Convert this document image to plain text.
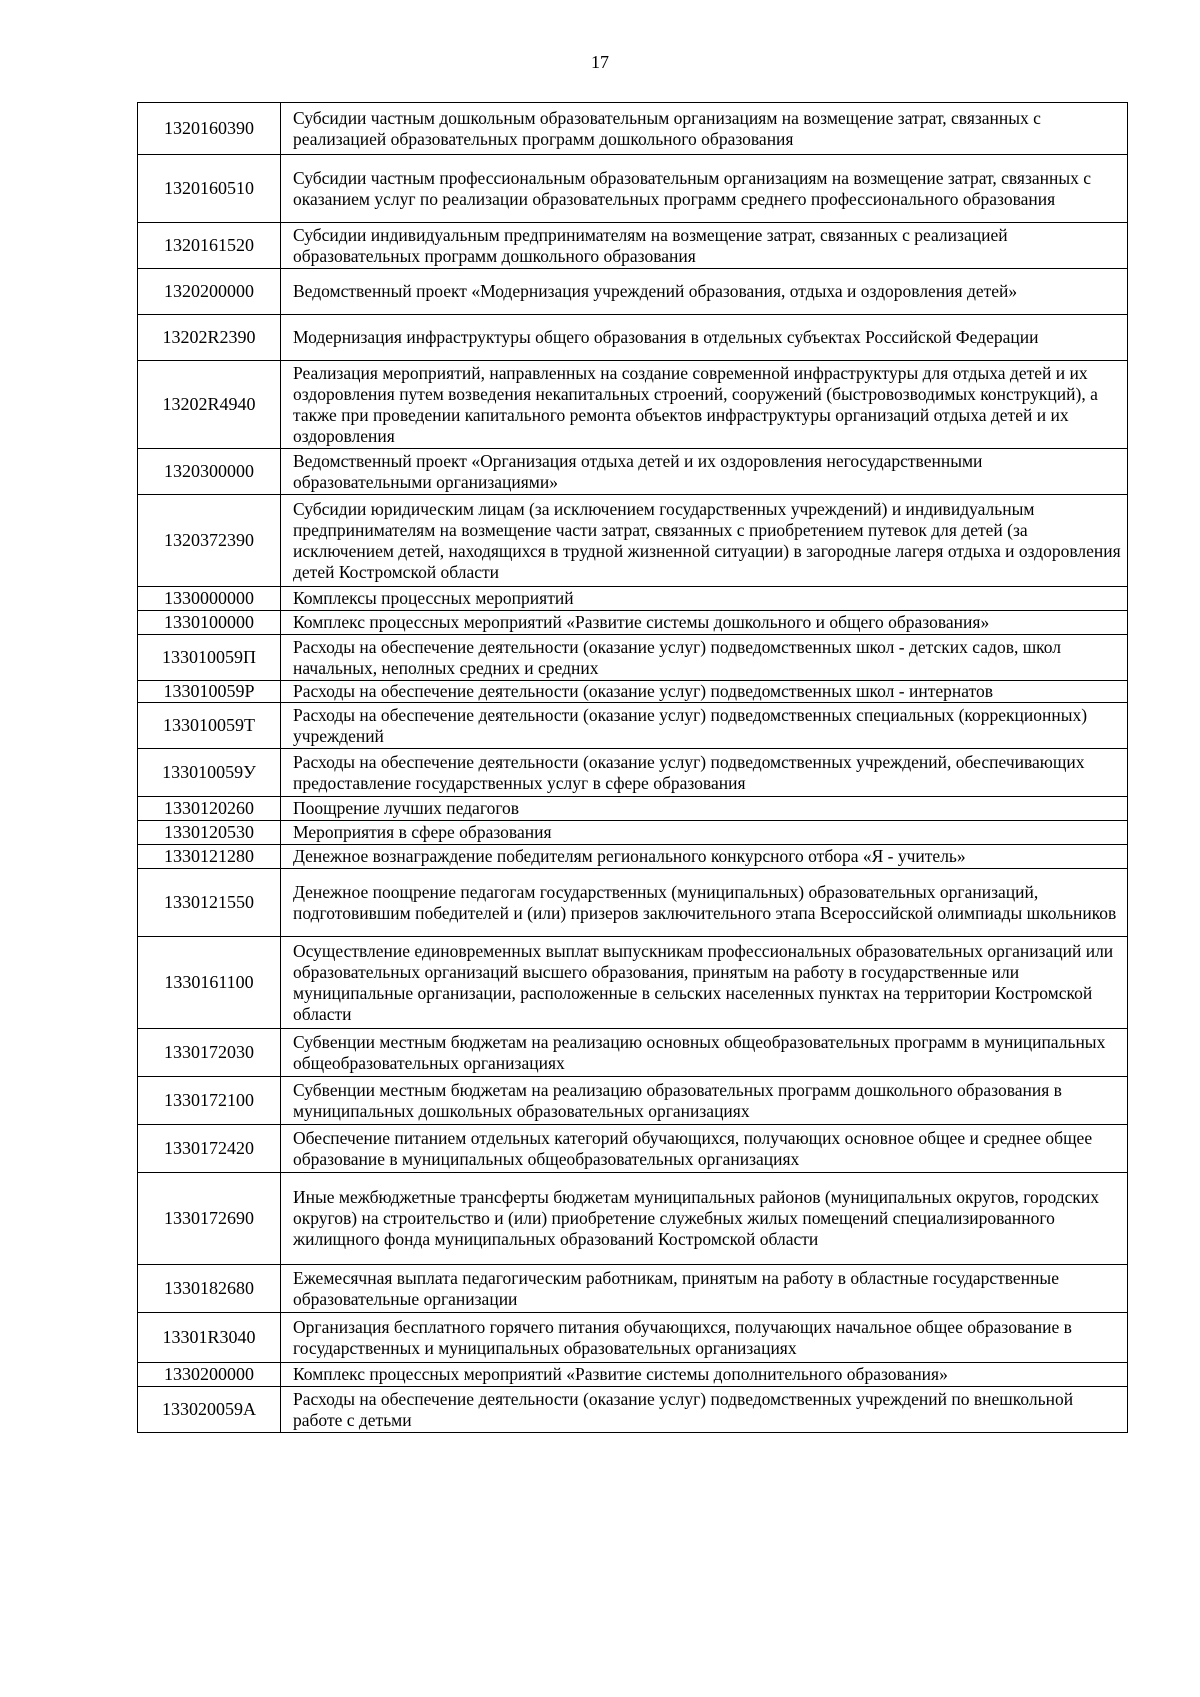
17
1320160390	Субсидии частным дошкольным образовательным организациям на возмещение затрат, связанных с реализацией образовательных программ дошкольного образования
1320160510	Субсидии частным профессиональным образовательным организациям на возмещение затрат, связанных с оказанием услуг по реализации образовательных программ среднего профессионального образования
1320161520	Субсидии индивидуальным предпринимателям на возмещение затрат, связанных с реализацией образовательных программ дошкольного образования
1320200000	Ведомственный проект «Модернизация учреждений образования, отдыха и оздоровления детей»
13202R2390	Модернизация инфраструктуры общего образования в отдельных субъектах Российской Федерации
13202R4940	Реализация мероприятий, направленных на создание современной инфраструктуры для отдыха детей и их оздоровления путем возведения некапитальных строений, сооружений (быстровозводимых конструкций), а также при проведении капитального ремонта объектов инфраструктуры организаций отдыха детей и их оздоровления
1320300000	Ведомственный проект «Организация отдыха детей и их оздоровления негосударственными образовательными организациями»
1320372390	Субсидии юридическим лицам (за исключением государственных учреждений) и индивидуальным предпринимателям на возмещение части затрат, связанных с приобретением путевок для детей (за исключением детей, находящихся в трудной жизненной ситуации) в загородные лагеря отдыха и оздоровления детей Костромской области
1330000000	Комплексы процессных мероприятий
1330100000	Комплекс процессных мероприятий «Развитие системы дошкольного и общего образования»
133010059П	Расходы на обеспечение деятельности (оказание услуг) подведомственных школ - детских садов, школ начальных, неполных средних и средних
133010059Р	Расходы на обеспечение деятельности (оказание услуг) подведомственных школ - интернатов
133010059Т	Расходы на обеспечение деятельности (оказание услуг) подведомственных специальных (коррекционных) учреждений
133010059У	Расходы на обеспечение деятельности (оказание услуг) подведомственных учреждений, обеспечивающих предоставление государственных услуг в сфере образования
1330120260	Поощрение лучших педагогов
1330120530	Мероприятия в сфере образования
1330121280	Денежное вознаграждение победителям регионального конкурсного отбора «Я - учитель»
1330121550	Денежное поощрение педагогам государственных (муниципальных) образовательных организаций, подготовившим победителей и (или) призеров заключительного этапа Всероссийской олимпиады школьников
1330161100	Осуществление единовременных выплат выпускникам профессиональных образовательных организаций или образовательных организаций высшего образования, принятым на работу в государственные или муниципальные организации, расположенные в сельских населенных пунктах на территории Костромской области
1330172030	Субвенции местным бюджетам на реализацию основных общеобразовательных программ в муниципальных общеобразовательных организациях
1330172100	Субвенции местным бюджетам на реализацию образовательных программ дошкольного образования в муниципальных дошкольных образовательных организациях
1330172420	Обеспечение питанием отдельных категорий обучающихся, получающих основное общее и среднее общее образование в муниципальных общеобразовательных организациях
1330172690	Иные межбюджетные трансферты бюджетам муниципальных районов (муниципальных округов, городских округов) на строительство и (или) приобретение служебных жилых помещений специализированного жилищного фонда муниципальных образований Костромской области
1330182680	Ежемесячная выплата педагогическим работникам, принятым на работу в областные государственные образовательные организации
13301R3040	Организация бесплатного горячего питания обучающихся, получающих начальное общее образование в государственных и муниципальных образовательных организациях
1330200000	Комплекс процессных мероприятий «Развитие системы дополнительного образования»
133020059А	Расходы на обеспечение деятельности (оказание услуг) подведомственных учреждений по внешкольной работе с детьми
